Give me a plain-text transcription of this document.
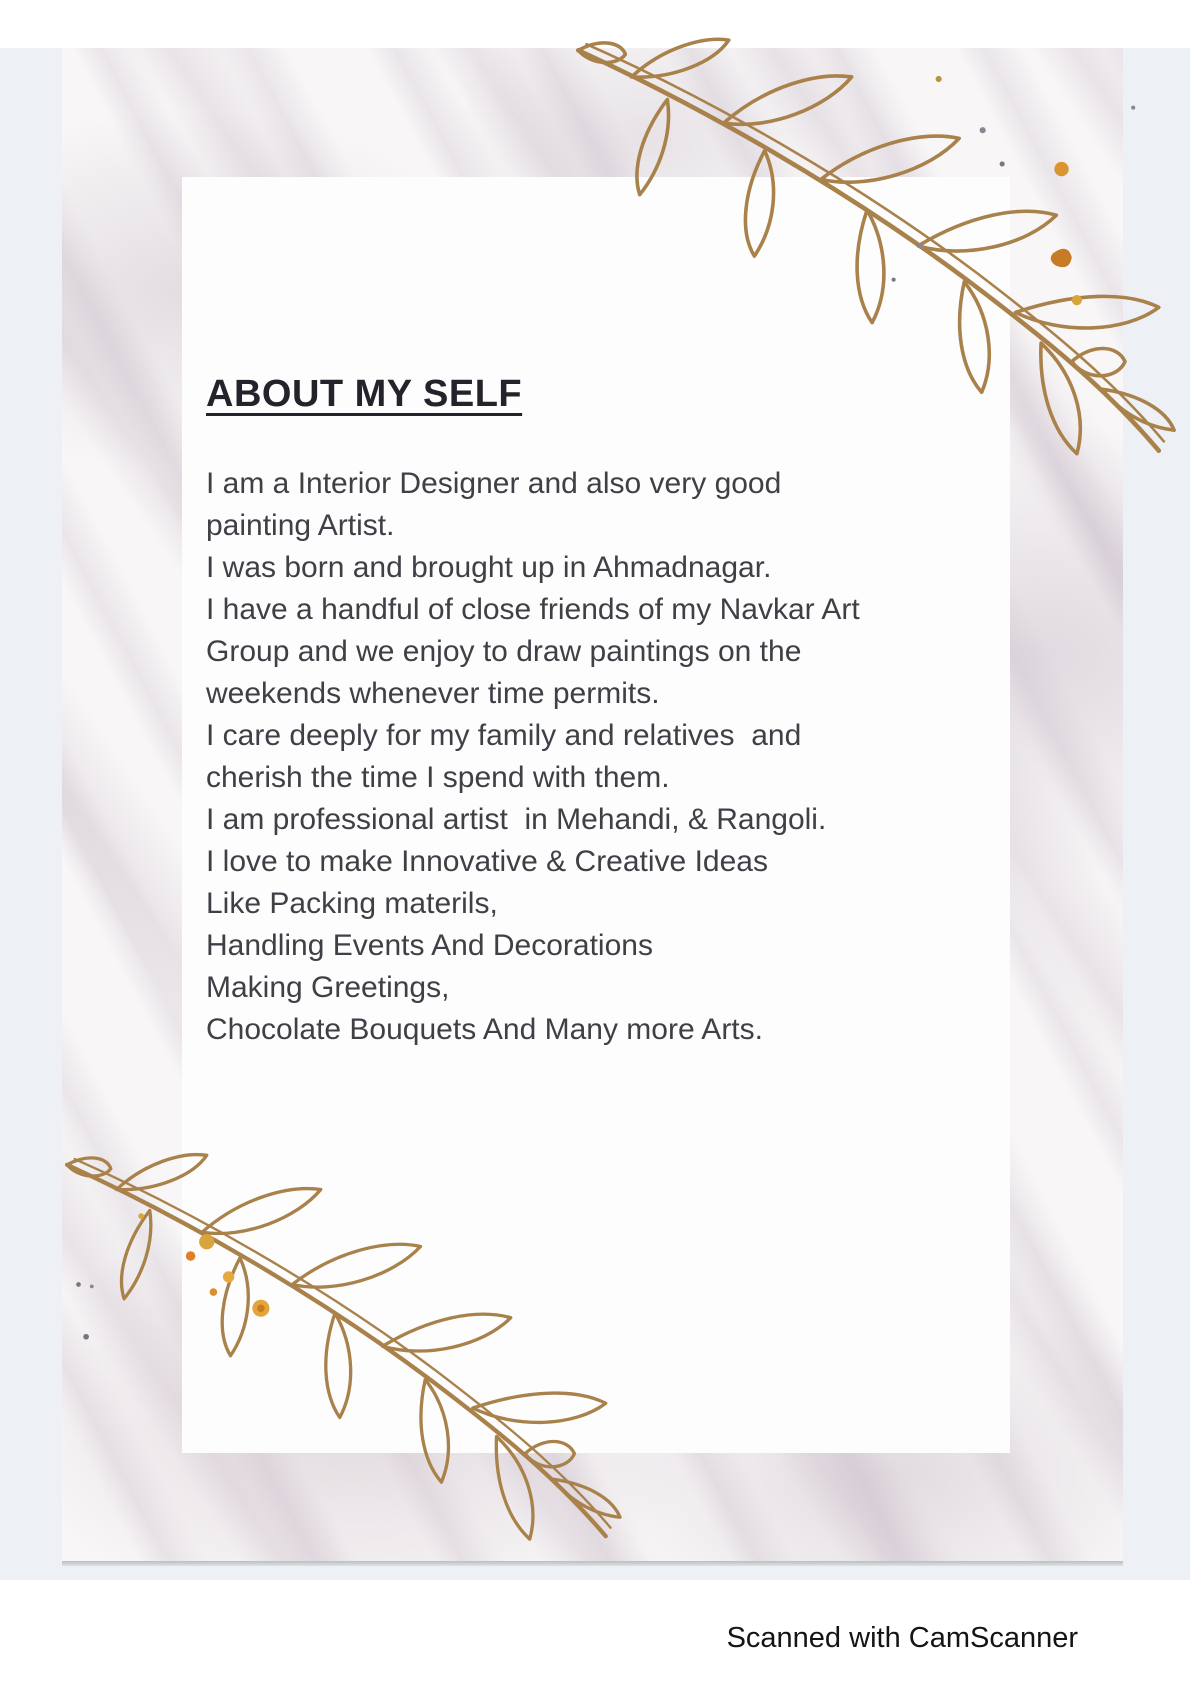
ABOUT MY SELF
I am a Interior Designer and also very good
painting Artist.
I was born and brought up in Ahmadnagar.
I have a handful of close friends of my Navkar Art
Group and we enjoy to draw paintings on the
weekends whenever time permits.
I care deeply for my family and relatives  and
cherish the time I spend with them.
I am professional artist  in Mehandi, & Rangoli.
I love to make Innovative & Creative Ideas
Like Packing materils,
Handling Events And Decorations
Making Greetings,
Chocolate Bouquets And Many more Arts.
Scanned with CamScanner
